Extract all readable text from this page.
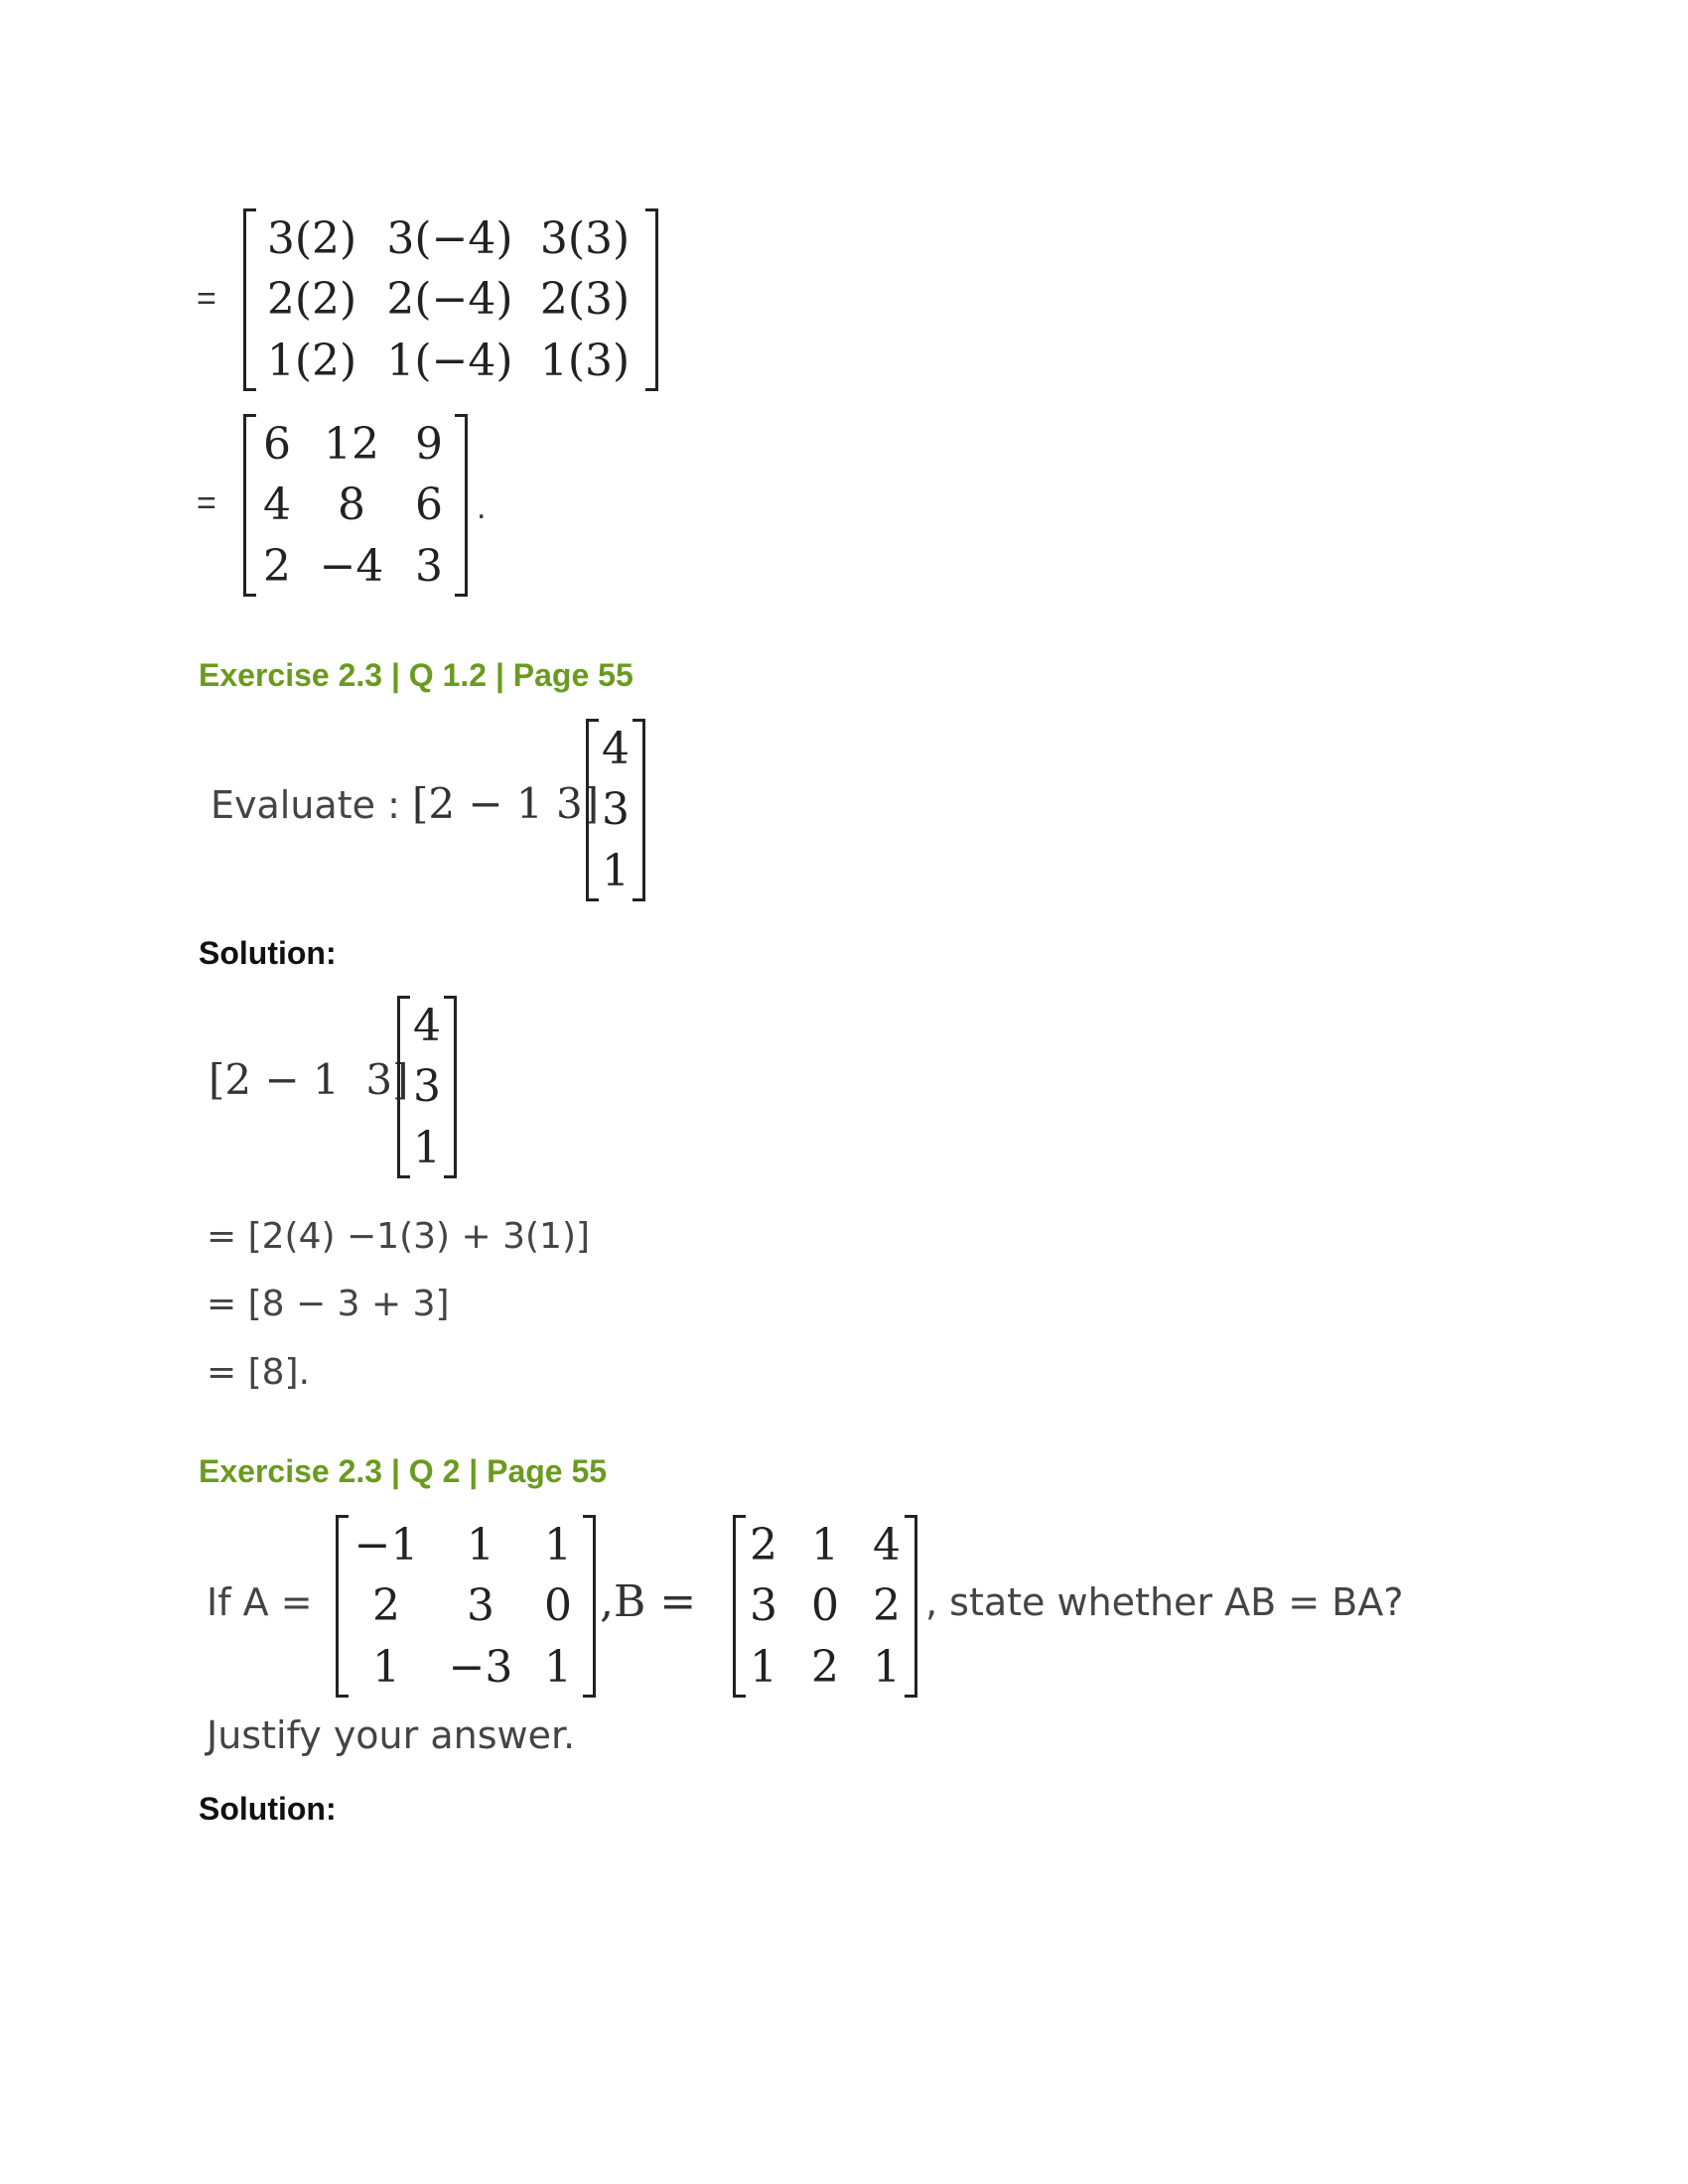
=
3(2) 3(−4) 3(3)
2(2) 2(−4) 2(3)
1(2) 1(−4) 1(3)
=
6 12 9
4	8	6
2 −4 3
.
Exercise 2.3 | Q 1.2 | Page 55
Evaluate : [2 − 1 3]
4
3
1
Solution:
[2 − 1  3]
4
3
1
= [2(4) −1(3) + 3(1)]
= [8 − 3 + 3]
= [8].
Exercise 2.3 | Q 2 | Page 55
If A =
−1	1	1
2	3	0
1	−3 1
,B =
2 1 4
3 0 2
1 2 1
, state whether AB = BA?
Justify your answer.
Solution:
